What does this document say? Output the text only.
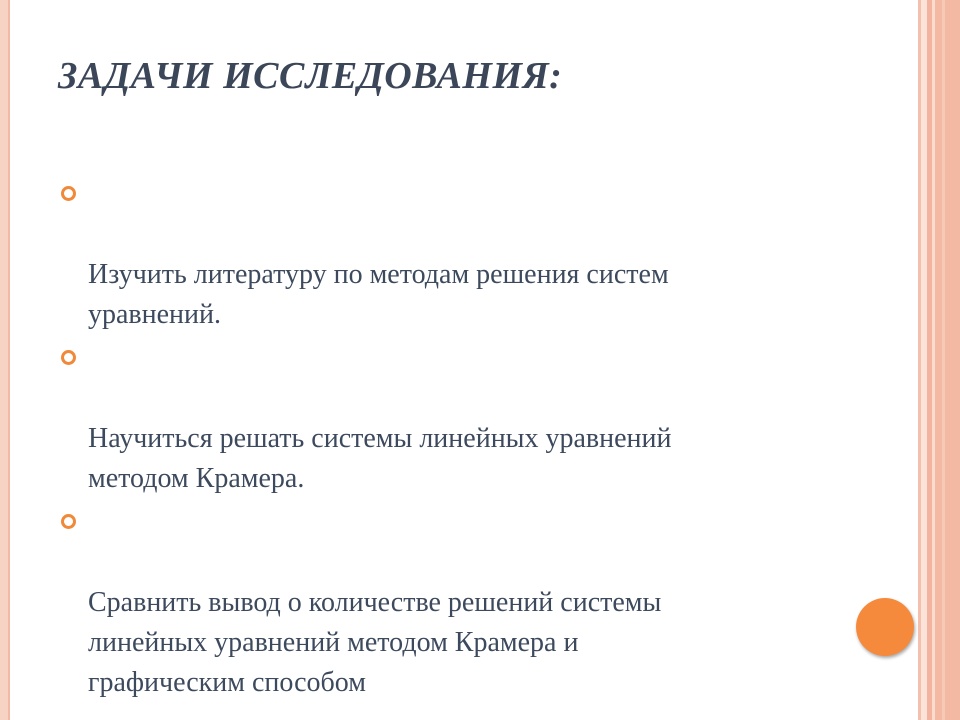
ЗАДАЧИ ИССЛЕДОВАНИЯ:

Изучить литературу по методам решения систем
уравнений.

Научиться решать системы линейных уравнений
методом Крамера.

Сравнить вывод о количестве решений системы
линейных уравнений методом Крамера и
графическим способом
